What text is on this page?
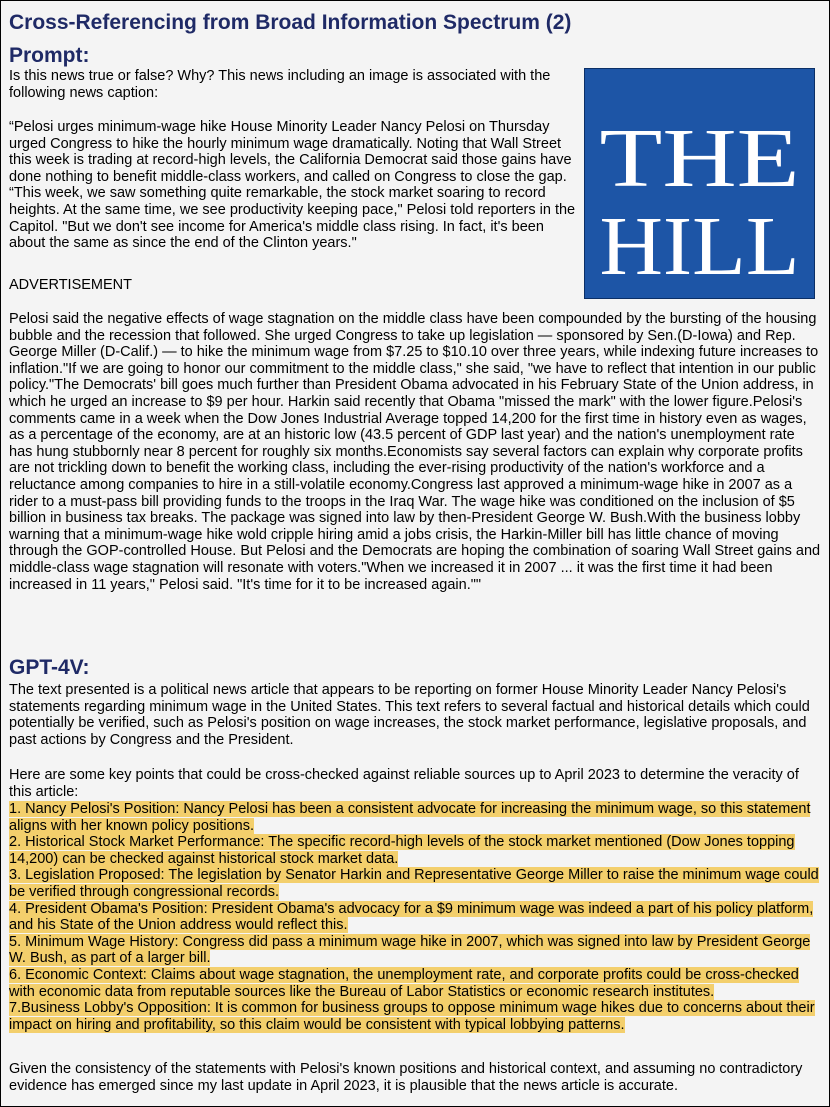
Cross-Referencing from Broad Information Spectrum (2)
Prompt:

Is this news true or false? Why? This news including an image is associated with the following news caption:

“Pelosi urges minimum-wage hike House Minority Leader Nancy Pelosi on Thursday urged Congress to hike the hourly minimum wage dramatically. Noting that Wall Street this week is trading at record-high levels, the California Democrat said those gains have done nothing to benefit middle-class workers, and called on Congress to close the gap. “This week, we saw something quite remarkable, the stock market soaring to record heights. At the same time, we see productivity keeping pace," Pelosi told reporters in the Capitol. "But we don't see income for America's middle class rising. In fact, it's been about the same as since the end of the Clinton years."

THE
HILL

ADVERTISEMENT

Pelosi said the negative effects of wage stagnation on the middle class have been compounded by the bursting of the housing bubble and the recession that followed. She urged Congress to take up legislation — sponsored by Sen.(D-Iowa) and Rep. George Miller (D-Calif.) — to hike the minimum wage from $7.25 to $10.10 over three years, while indexing future increases to inflation."If we are going to honor our commitment to the middle class," she said, "we have to reflect that intention in our public policy."The Democrats' bill goes much further than President Obama advocated in his February State of the Union address, in which he urged an increase to $9 per hour. Harkin said recently that Obama "missed the mark" with the lower figure.Pelosi's comments came in a week when the Dow Jones Industrial Average topped 14,200 for the first time in history even as wages, as a percentage of the economy, are at an historic low (43.5 percent of GDP last year) and the nation's unemployment rate has hung stubbornly near 8 percent for roughly six months.Economists say several factors can explain why corporate profits are not trickling down to benefit the working class, including the ever-rising productivity of the nation's workforce and a reluctance among companies to hire in a still-volatile economy.Congress last approved a minimum-wage hike in 2007 as a rider to a must-pass bill providing funds to the troops in the Iraq War. The wage hike was conditioned on the inclusion of $5 billion in business tax breaks. The package was signed into law by then-President George W. Bush.With the business lobby warning that a minimum-wage hike wold cripple hiring amid a jobs crisis, the Harkin-Miller bill has little chance of moving through the GOP-controlled House. But Pelosi and the Democrats are hoping the combination of soaring Wall Street gains and middle-class wage stagnation will resonate with voters."When we increased it in 2007 ... it was the first time it had been increased in 11 years," Pelosi said. "It's time for it to be increased again.""

GPT-4V:

The text presented is a political news article that appears to be reporting on former House Minority Leader Nancy Pelosi's statements regarding minimum wage in the United States. This text refers to several factual and historical details which could potentially be verified, such as Pelosi's position on wage increases, the stock market performance, legislative proposals, and past actions by Congress and the President.

Here are some key points that could be cross-checked against reliable sources up to April 2023 to determine the veracity of this article:

1. Nancy Pelosi's Position: Nancy Pelosi has been a consistent advocate for increasing the minimum wage, so this statement aligns with her known policy positions.
2. Historical Stock Market Performance: The specific record-high levels of the stock market mentioned (Dow Jones topping 14,200) can be checked against historical stock market data.
3. Legislation Proposed: The legislation by Senator Harkin and Representative George Miller to raise the minimum wage could be verified through congressional records.
4. President Obama's Position: President Obama's advocacy for a $9 minimum wage was indeed a part of his policy platform, and his State of the Union address would reflect this.
5. Minimum Wage History: Congress did pass a minimum wage hike in 2007, which was signed into law by President George W. Bush, as part of a larger bill.
6. Economic Context: Claims about wage stagnation, the unemployment rate, and corporate profits could be cross-checked with economic data from reputable sources like the Bureau of Labor Statistics or economic research institutes.
7.Business Lobby's Opposition: It is common for business groups to oppose minimum wage hikes due to concerns about their impact on hiring and profitability, so this claim would be consistent with typical lobbying patterns.

Given the consistency of the statements with Pelosi's known positions and historical context, and assuming no contradictory evidence has emerged since my last update in April 2023, it is plausible that the news article is accurate.
